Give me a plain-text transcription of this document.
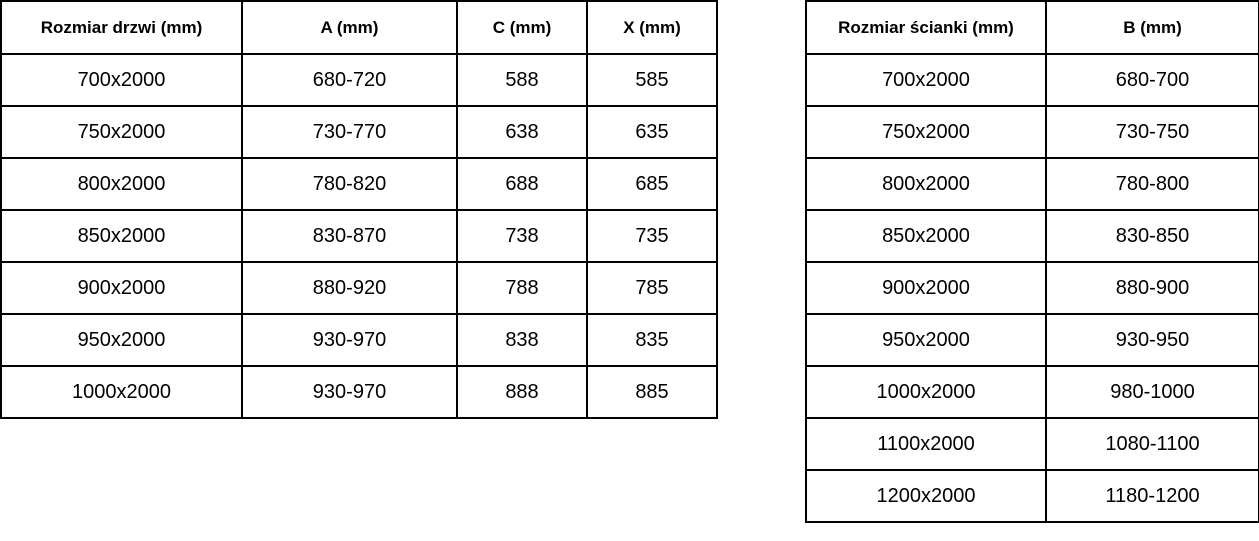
Rozmiar drzwi (mm)	A (mm)	C (mm)	X (mm)
700x2000	680-720	588	585
750x2000	730-770	638	635
800x2000	780-820	688	685
850x2000	830-870	738	735
900x2000	880-920	788	785
950x2000	930-970	838	835
1000x2000	930-970	888	885
Rozmiar ścianki (mm)	B (mm)
700x2000	680-700
750x2000	730-750
800x2000	780-800
850x2000	830-850
900x2000	880-900
950x2000	930-950
1000x2000	980-1000
1100x2000	1080-1100
1200x2000	1180-1200
